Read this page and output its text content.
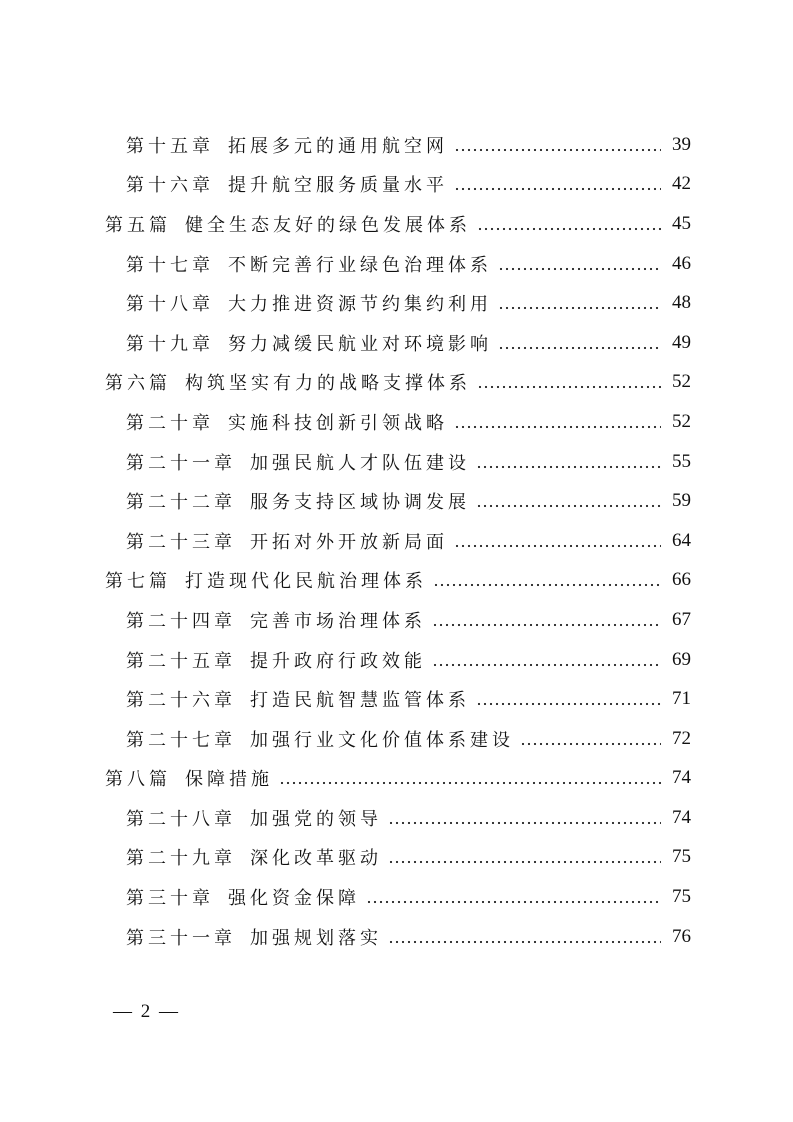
第十五章 拓展多元的通用航空网	39
第十六章 提升航空服务质量水平	42
第五篇 健全生态友好的绿色发展体系	45
第十七章 不断完善行业绿色治理体系	46
第十八章 大力推进资源节约集约利用	48
第十九章 努力减缓民航业对环境影响	49
第六篇 构筑坚实有力的战略支撑体系	52
第二十章 实施科技创新引领战略	52
第二十一章 加强民航人才队伍建设	55
第二十二章 服务支持区域协调发展	59
第二十三章 开拓对外开放新局面	64
第七篇 打造现代化民航治理体系	66
第二十四章 完善市场治理体系	67
第二十五章 提升政府行政效能	69
第二十六章 打造民航智慧监管体系	71
第二十七章 加强行业文化价值体系建设	72
第八篇 保障措施	74
第二十八章 加强党的领导	74
第二十九章 深化改革驱动	75
第三十章 强化资金保障	75
第三十一章 加强规划落实	76
— 2 —
